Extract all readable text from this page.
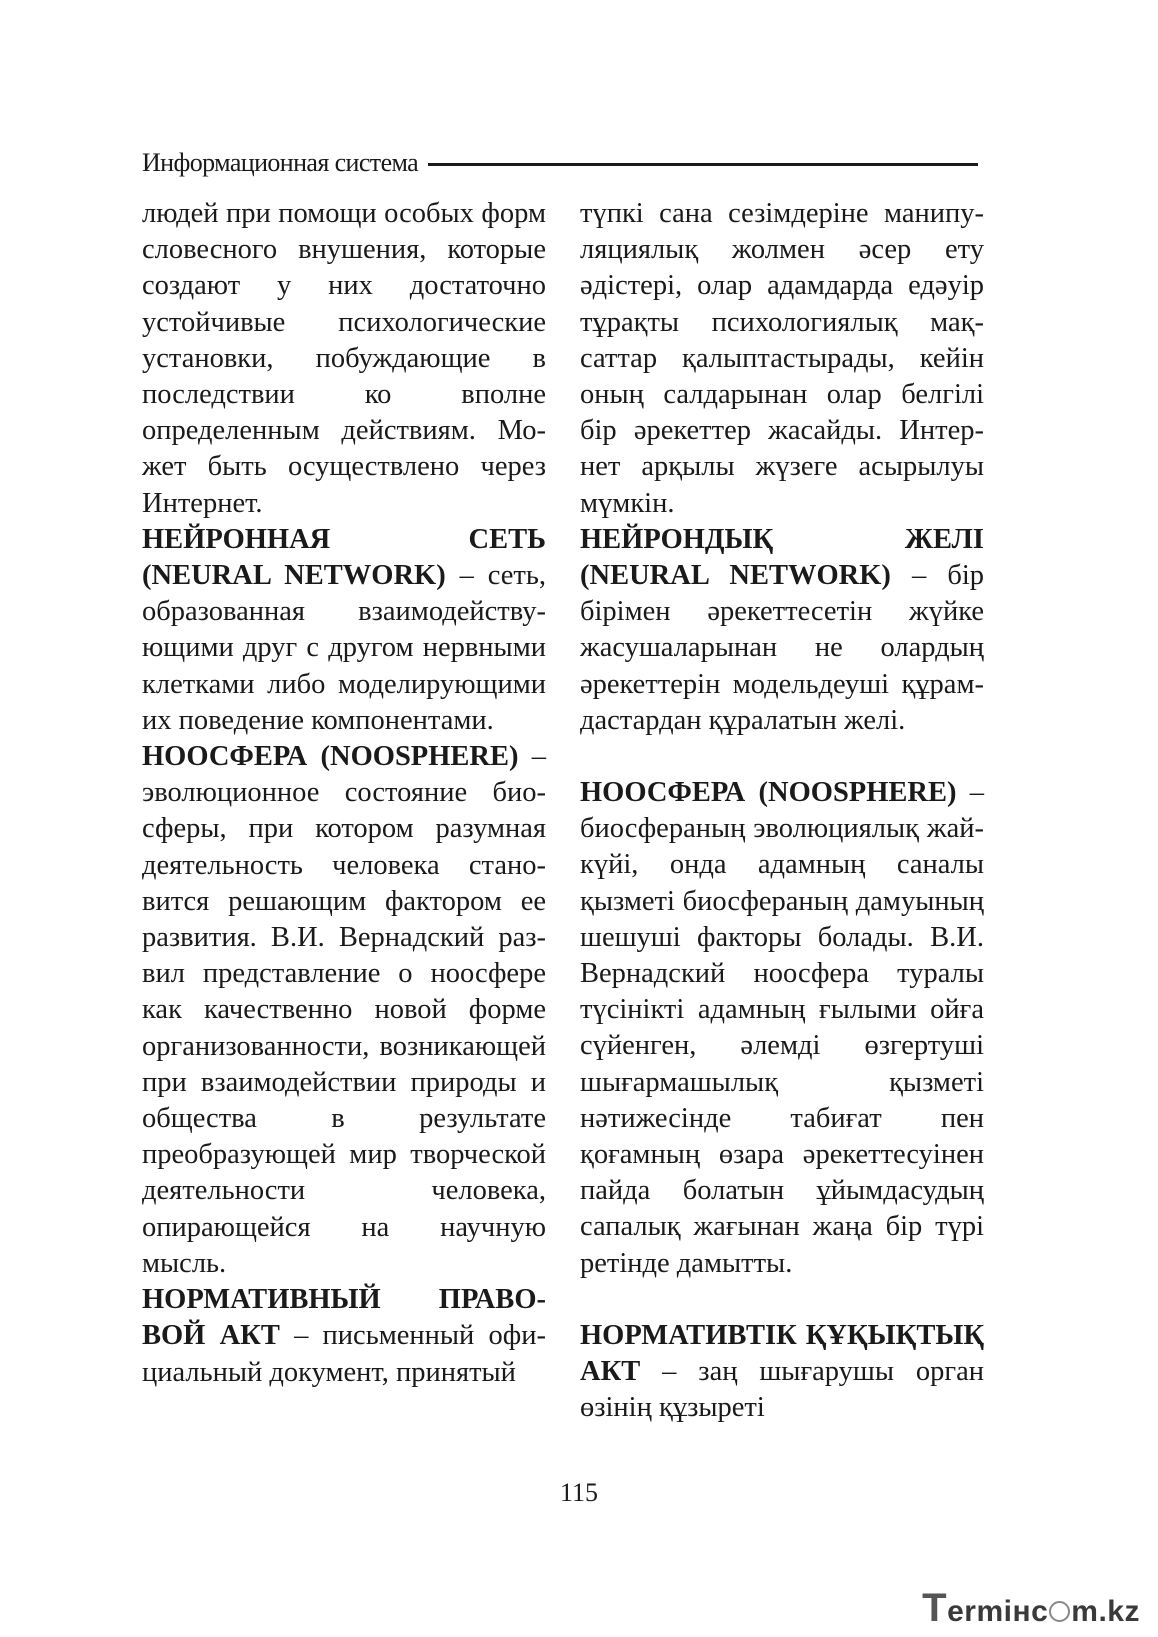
Информационная система

людей при помощи особых форм словесного внушения, которые создают у них достаточно устойчивые психологические установки, побуждающие в последствии ко вполне определенным действиям. Может быть осуществлено через Интернет.

НЕЙРОННАЯ СЕТЬ (NEURAL NETWORK) – сеть, образованная взаимодействующими друг с другом нервными клетками либо моделирующими их поведение компонентами.

НООСФЕРА (NOOSPHERE) – эволюционное состояние биосферы, при котором разумная деятельность человека становится решающим фактором ее развития. В.И. Вернадский развил представление о ноосфере как качественно новой форме организованности, возникающей при взаимодействии природы и общества в результате преобразующей мир творческой деятельности человека, опирающейся на научную мысль.

НОРМАТИВНЫЙ ПРАВОВОЙ АКТ – письменный официальный документ, принятый

түпкі сана сезімдеріне манипуляциялық жолмен әсер ету әдістері, олар адамдарда едәуір тұрақты психологиялық мақсаттар қалыптастырады, кейін оның салдарынан олар белгілі бір әрекеттер жасайды. Интернет арқылы жүзеге асырылуы мүмкін.

НЕЙРОНДЫҚ ЖЕЛІ (NEURAL NETWORK) – бір бірімен әрекеттесетін жүйке жасушаларынан не олардың әрекеттерін модельдеуші құрамдастардан құралатын желі.

НООСФЕРА (NOOSPHERE) – биосфераның эволюциялық жай-күйі, онда адамның саналы қызметі биосфераның дамуының шешуші факторы болады. В.И. Вернадский ноосфера туралы түсінікті адамның ғылыми ойға сүйенген, әлемді өзгертуші шығармашылық қызметі нәтижесінде табиғат пен қоғамның өзара әрекеттесуінен пайда болатын ұйымдасудың сапалық жағынан жаңа бір түрі ретінде дамытты.

НОРМАТИВТІК ҚҰҚЫҚТЫҚ АКТ – заң шығарушы орган өзінің құзыреті

115
Termінс m.kz
